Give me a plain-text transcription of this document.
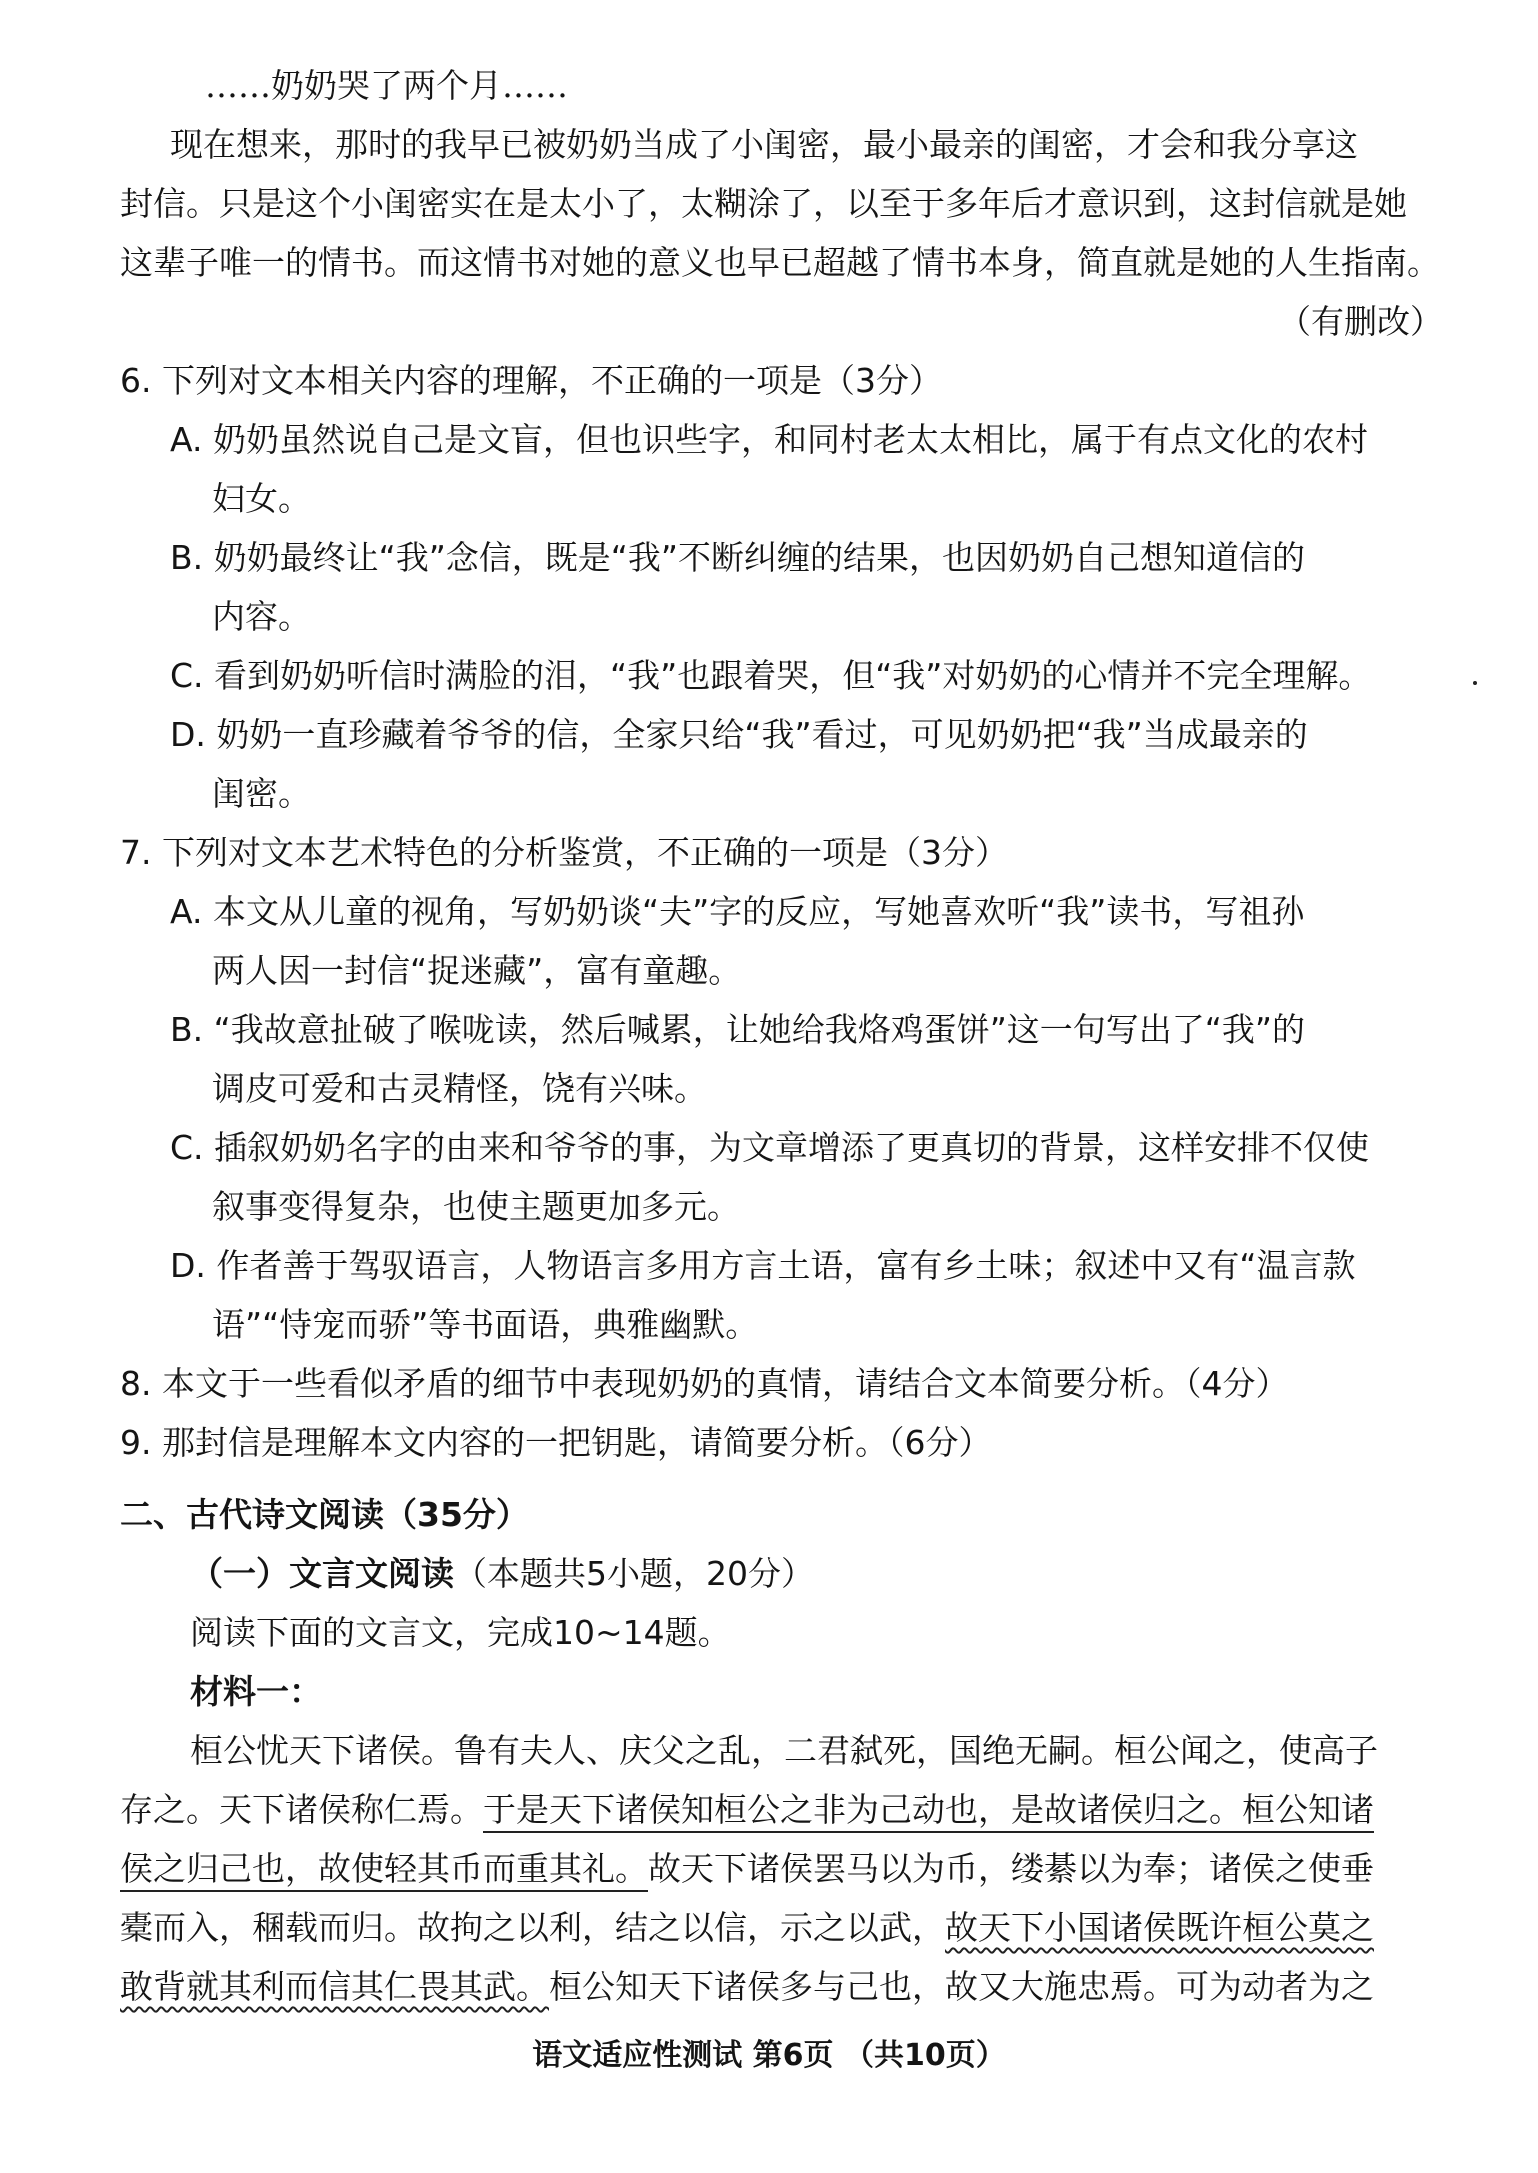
……奶奶哭了两个月……
现在想来，那时的我早已被奶奶当成了小闺密，最小最亲的闺密，才会和我分享这
封信。只是这个小闺密实在是太小了，太糊涂了，以至于多年后才意识到，这封信就是她
这辈子唯一的情书。而这情书对她的意义也早已超越了情书本身，简直就是她的人生指南。
（有删改）
6. 下列对文本相关内容的理解，不正确的一项是（3分）
A. 奶奶虽然说自己是文盲，但也识些字，和同村老太太相比，属于有点文化的农村
妇女。
B. 奶奶最终让“我”念信，既是“我”不断纠缠的结果，也因奶奶自己想知道信的
内容。
C. 看到奶奶听信时满脸的泪，“我”也跟着哭，但“我”对奶奶的心情并不完全理解。
D. 奶奶一直珍藏着爷爷的信，全家只给“我”看过，可见奶奶把“我”当成最亲的
闺密。
7. 下列对文本艺术特色的分析鉴赏，不正确的一项是（3分）
A. 本文从儿童的视角，写奶奶谈“夫”字的反应，写她喜欢听“我”读书，写祖孙
两人因一封信“捉迷藏”，富有童趣。
B. “我故意扯破了喉咙读，然后喊累，让她给我烙鸡蛋饼”这一句写出了“我”的
调皮可爱和古灵精怪，饶有兴味。
C. 插叙奶奶名字的由来和爷爷的事，为文章增添了更真切的背景，这样安排不仅使
叙事变得复杂，也使主题更加多元。
D. 作者善于驾驭语言，人物语言多用方言土语，富有乡土味；叙述中又有“温言款
语”“恃宠而骄”等书面语，典雅幽默。
8. 本文于一些看似矛盾的细节中表现奶奶的真情，请结合文本简要分析。（4分）
9. 那封信是理解本文内容的一把钥匙，请简要分析。（6分）
二、古代诗文阅读（35分）
（一）文言文阅读（本题共5小题，20分）
阅读下面的文言文，完成10~14题。
材料一：
桓公忧天下诸侯。鲁有夫人、庆父之乱，二君弑死，国绝无嗣。桓公闻之，使高子
存之。天下诸侯称仁焉。于是天下诸侯知桓公之非为己动也，是故诸侯归之。桓公知诸
侯之归己也，故使轻其币而重其礼。故天下诸侯罢马以为币，缕綦以为奉；诸侯之使垂
橐而入，稛载而归。故拘之以利，结之以信，示之以武，故天下小国诸侯既许桓公莫之
敢背就其利而信其仁畏其武。桓公知天下诸侯多与己也，故又大施忠焉。可为动者为之
语文适应性测试 第6页 （共10页）
